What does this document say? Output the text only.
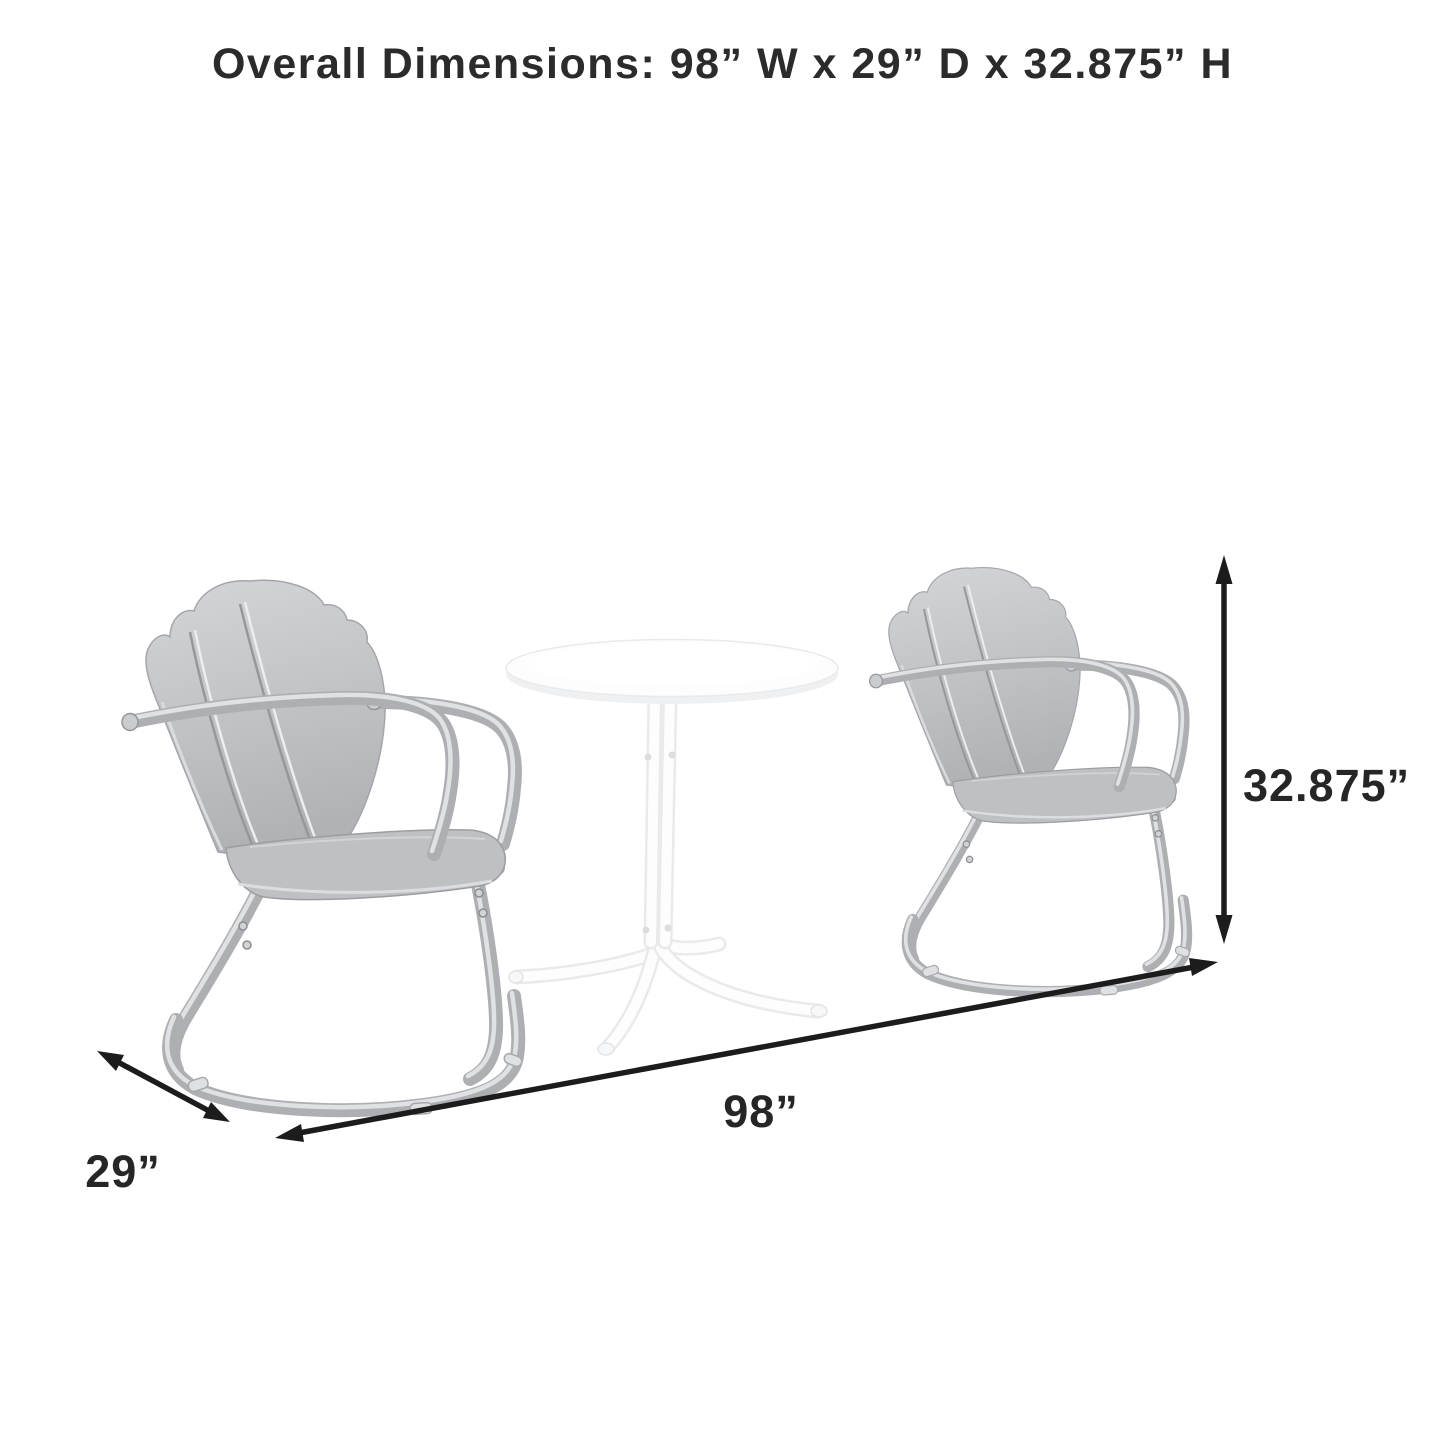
Overall Dimensions: 98” W x 29” D x 32.875” H
98”
29”
32.875”
